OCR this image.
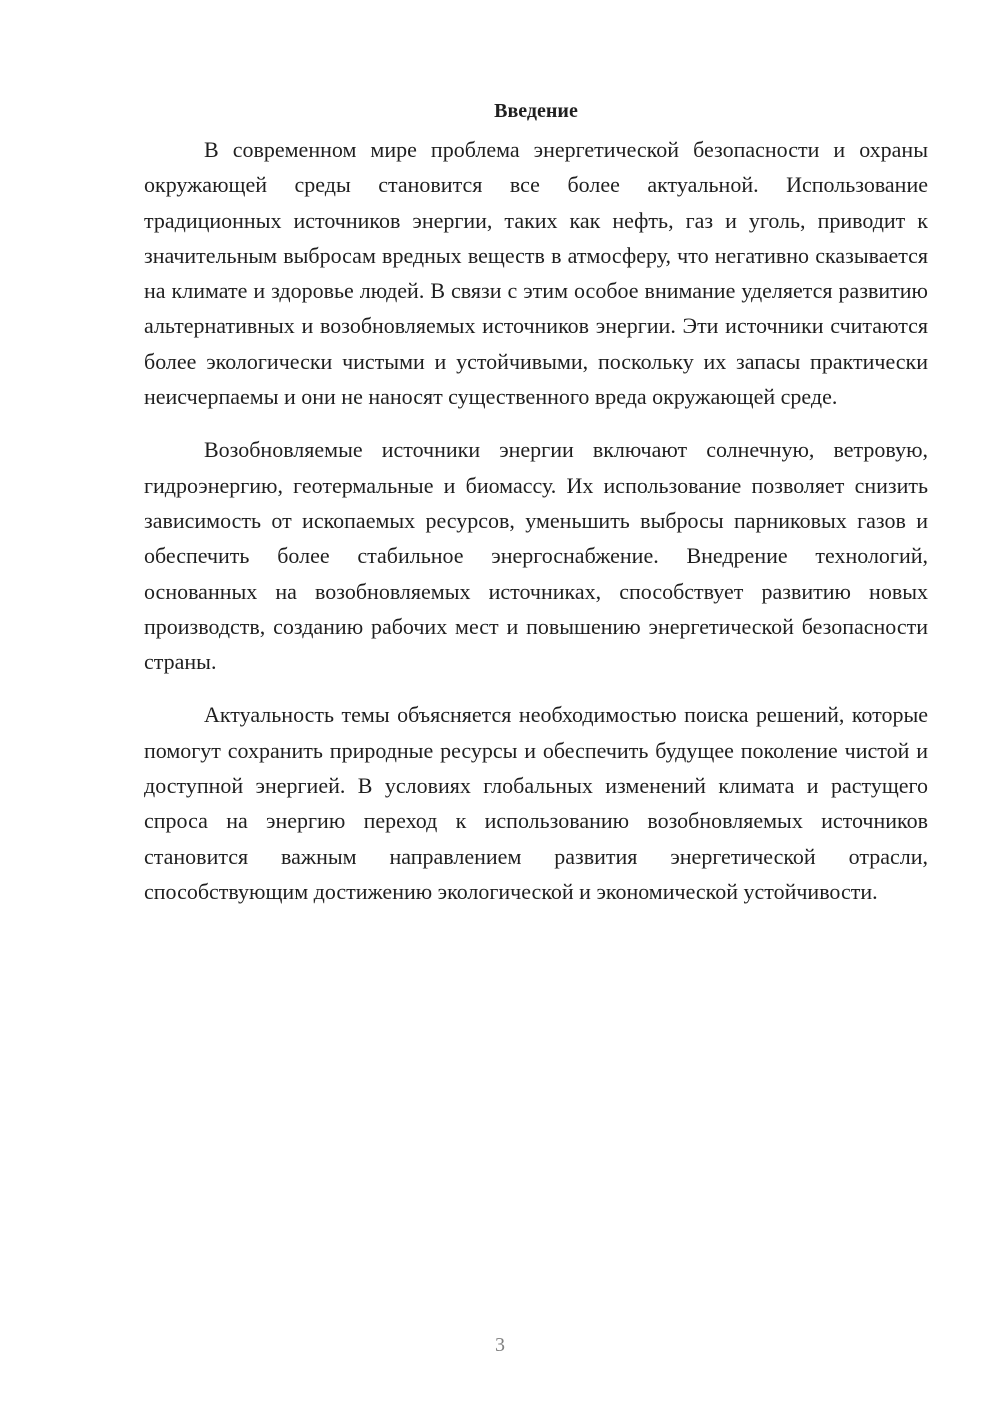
Введение

В современном мире проблема энергетической безопасности и охраны окружающей среды становится все более актуальной. Использование традиционных источников энергии, таких как нефть, газ и уголь, приводит к значительным выбросам вредных веществ в атмосферу, что негативно сказывается на климате и здоровье людей. В связи с этим особое внимание уделяется развитию альтернативных и возобновляемых источников энергии. Эти источники считаются более экологически чистыми и устойчивыми, поскольку их запасы практически неисчерпаемы и они не наносят существенного вреда окружающей среде.

Возобновляемые источники энергии включают солнечную, ветровую, гидроэнергию, геотермальные и биомассу. Их использование позволяет снизить зависимость от ископаемых ресурсов, уменьшить выбросы парниковых газов и обеспечить более стабильное энергоснабжение. Внедрение технологий, основанных на возобновляемых источниках, способствует развитию новых производств, созданию рабочих мест и повышению энергетической безопасности страны.

Актуальность темы объясняется необходимостью поиска решений, которые помогут сохранить природные ресурсы и обеспечить будущее поколение чистой и доступной энергией. В условиях глобальных изменений климата и растущего спроса на энергию переход к использованию возобновляемых источников становится важным направлением развития энергетической отрасли, способствующим достижению экологической и экономической устойчивости.

3
